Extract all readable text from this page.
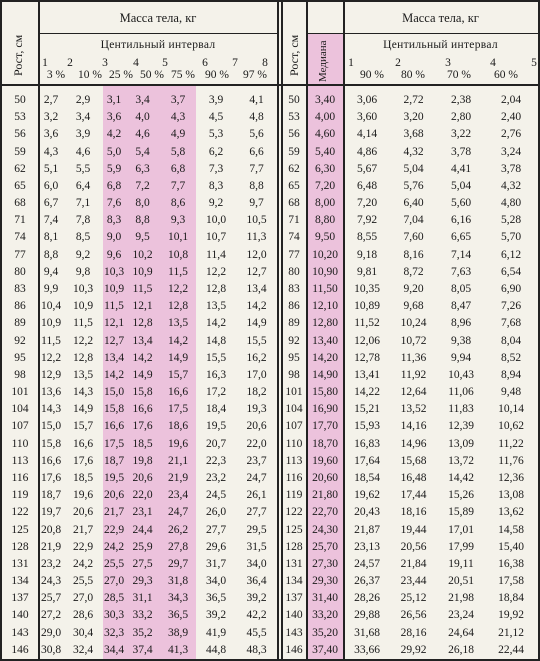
Рост, см
Масса тела, кг
Центильный интервал
1 2	3 4 5	6 7 8
3 %	10 % 25 % 50 % 75 % 90 %	97 %	Рост, см Медиана
Масса тела, кг
Центильный интервал
1	2	3	4	5
90 %	80 %	70 %	60 %
50	2,7	2,9	3,1	3,4	3,7	3,9	4,1
53	3,2	3,4	3,6	4,0	4,3	4,5	4,8
56	3,6	3,9	4,2	4,6	4,9	5,3	5,6
59	4,3	4,6	5,0	5,4	5,8	6,2	6,6
62	5,1	5,5	5,9	6,3	6,8	7,3	7,7
65	6,0	6,4	6,8	7,2	7,7	8,3	8,8
68	6,7	7,1	7,6	8,0	8,6	9,2	9,7
71	7,4	7,8	8,3	8,8	9,3	10,0	10,5
74	8,1	8,5	9,0	9,5	10,1	10,7	11,3
77	8,8	9,2	9,6 10,2	10,8	11,4	12,0
80	9,4	9,8	10,3 10,9	11,5	12,2	12,7
83	9,9	10,3 10,9 11,5	12,2	12,8	13,4
86	10,4	10,9 11,5 12,1	12,8	13,5	14,2
89	10,9	11,5 12,1 12,8	13,5	14,2	14,9
92	11,5	12,2 12,7 13,4	14,2	14,8	15,5
95	12,2	12,8 13,4 14,2	14,9	15,5	16,2
98	12,9	13,5 14,2 14,9	15,7	16,3	17,0
101	13,6	14,3 15,0 15,8	16,6	17,2	18,2
104	14,3	14,9 15,8 16,6	17,5	18,4	19,3
107	15,0	15,7 16,6 17,6	18,6	19,5	20,6
110	15,8	16,6 17,5 18,5	19,6	20,7	22,0
113	16,6	17,6 18,7 19,8	21,1	22,3	23,7
116	17,6	18,5 19,5 20,6	21,9	23,2	24,7
119	18,7	19,6 20,6 22,0	23,4	24,5	26,1
122	19,7	20,6 21,7 23,1	24,7	26,0	27,7
125	20,8	21,7 22,9 24,4	26,2	27,7	29,5
128	21,9	22,9 24,2 25,9	27,8	29,6	31,5
131	23,2	24,2 25,5 27,5	29,7	31,7	34,0
134	24,3	25,5 27,0 29,3	31,8	34,0	36,4
137	25,7	27,0 28,5 31,1	34,3	36,5	39,2
140	27,2	28,6 30,3 33,2	36,5	39,2	42,2
143	29,0	30,4 32,3 35,2	38,9	41,9	45,5
146	30,8	32,4 34,4 37,4	41,3	44,8	48,3
50	3,40	3,06	2,72	2,38	2,04
53	4,00	3,60	3,20	2,80	2,40
56	4,60	4,14	3,68	3,22	2,76
59	5,40	4,86	4,32	3,78	3,24
62	6,30	5,67	5,04	4,41	3,78
65	7,20	6,48	5,76	5,04	4,32
68	8,00	7,20	6,40	5,60	4,80
71	8,80	7,92	7,04	6,16	5,28
74	9,50	8,55	7,60	6,65	5,70
77	10,20	9,18	8,16	7,14	6,12
80	10,90	9,81	8,72	7,63	6,54
83	11,50	10,35	9,20	8,05	6,90
86	12,10	10,89	9,68	8,47	7,26
89	12,80	11,52	10,24	8,96	7,68
92	13,40	12,06	10,72	9,38	8,04
95	14,20	12,78	11,36	9,94	8,52
98	14,90	13,41	11,92	10,43	8,94
101 15,80	14,22	12,64	11,06	9,48
104 16,90	15,21	13,52	11,83	10,14
107 17,70	15,93	14,16	12,39	10,62
110 18,70	16,83	14,96	13,09	11,22
113 19,60	17,64	15,68	13,72	11,76
116 20,60	18,54	16,48	14,42	12,36
119 21,80	19,62	17,44	15,26	13,08
122 22,70	20,43	18,16	15,89	13,62
125 24,30	21,87	19,44	17,01	14,58
128 25,70	23,13	20,56	17,99	15,40
131 27,30	24,57	21,84	19,11	16,38
134 29,30	26,37	23,44	20,51	17,58
137 31,40	28,26	25,12	21,98	18,84
140 33,20	29,88	26,56	23,24	19,92
143 35,20	31,68	28,16	24,64	21,12
146 37,40	33,66	29,92	26,18	22,44
